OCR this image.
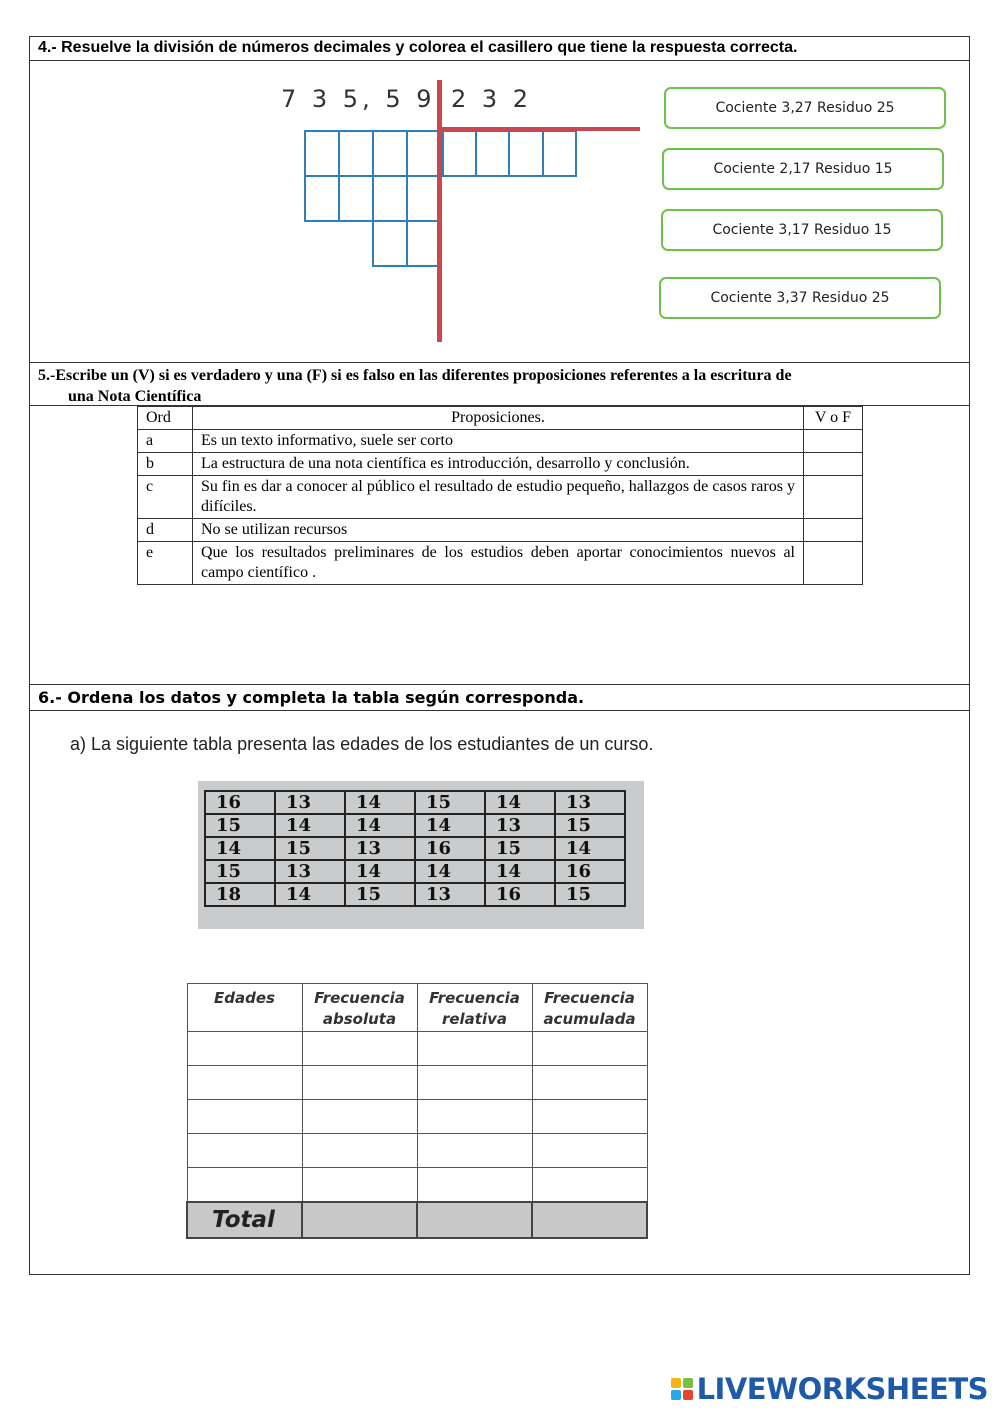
4.- Resuelve la división de números decimales y colorea el casillero que tiene la respuesta correcta.
7 3 5, 5 9 2 3 2	Cociente 3,27 Residuo 25
Cociente 2,17 Residuo 15
Cociente 3,17 Residuo 15
Cociente 3,37 Residuo 25
5.-Escribe un (V) si es verdadero y una (F) si es falso en las diferentes proposiciones referentes a la escritura de
una Nota Científica
Ord	Proposiciones.	V o F
a	Es un texto informativo, suele ser corto	
b	La estructura de una nota científica es introducción, desarrollo y conclusión.	
c	Su fin es dar a conocer al público el resultado de estudio pequeño, hallazgos de casos raros y difíciles.	
d	No se utilizan recursos	
e	Que los resultados preliminares de los estudios deben aportar conocimientos nuevos al campo científico .	
6.- Ordena los datos y completa la tabla según corresponda.
a) La siguiente tabla presenta las edades de los estudiantes de un curso.
16	13	14	15	14	13
15	14	14	14	13	15
14	15	13	16	15	14
15	13	14	14	14	16
18	14	15	13	16	15
Edades	Frecuencia absoluta	Frecuencia relativa	Frecuencia acumulada

Total			
LIVEWORKSHEETS
